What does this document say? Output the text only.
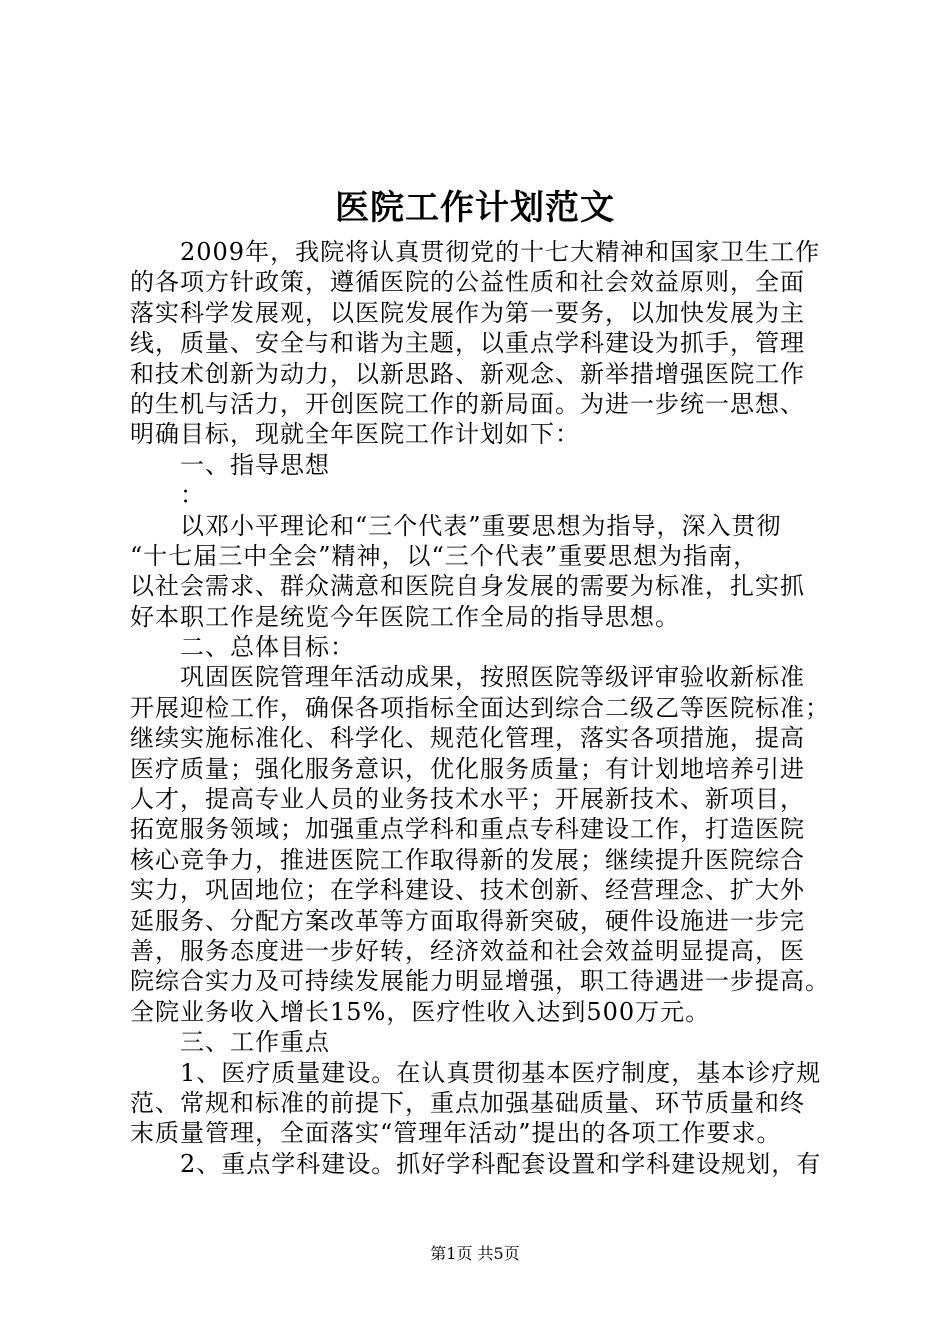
医院工作计划范文
2009年，我院将认真贯彻党的十七大精神和国家卫生工作
的各项方针政策，遵循医院的公益性质和社会效益原则，全面
落实科学发展观，以医院发展作为第一要务，以加快发展为主
线，质量、安全与和谐为主题，以重点学科建设为抓手，管理
和技术创新为动力，以新思路、新观念、新举措增强医院工作
的生机与活力，开创医院工作的新局面。为进一步统一思想、
明确目标，现就全年医院工作计划如下：
一、指导思想
：
以邓小平理论和“三个代表”重要思想为指导，深入贯彻
“十七届三中全会”精神，以“三个代表”重要思想为指南，
以社会需求、群众满意和医院自身发展的需要为标准，扎实抓
好本职工作是统览今年医院工作全局的指导思想。
二、总体目标：
巩固医院管理年活动成果，按照医院等级评审验收新标准
开展迎检工作，确保各项指标全面达到综合二级乙等医院标准；
继续实施标准化、科学化、规范化管理，落实各项措施，提高
医疗质量；强化服务意识，优化服务质量；有计划地培养引进
人才，提高专业人员的业务技术水平；开展新技术、新项目，
拓宽服务领域；加强重点学科和重点专科建设工作，打造医院
核心竞争力，推进医院工作取得新的发展；继续提升医院综合
实力，巩固地位；在学科建设、技术创新、经营理念、扩大外
延服务、分配方案改革等方面取得新突破，硬件设施进一步完
善，服务态度进一步好转，经济效益和社会效益明显提高，医
院综合实力及可持续发展能力明显增强，职工待遇进一步提高。
全院业务收入增长15%，医疗性收入达到500万元。
三、工作重点
1、医疗质量建设。在认真贯彻基本医疗制度，基本诊疗规
范、常规和标准的前提下，重点加强基础质量、环节质量和终
末质量管理，全面落实“管理年活动”提出的各项工作要求。
2、重点学科建设。抓好学科配套设置和学科建设规划，有
第1页 共5页
